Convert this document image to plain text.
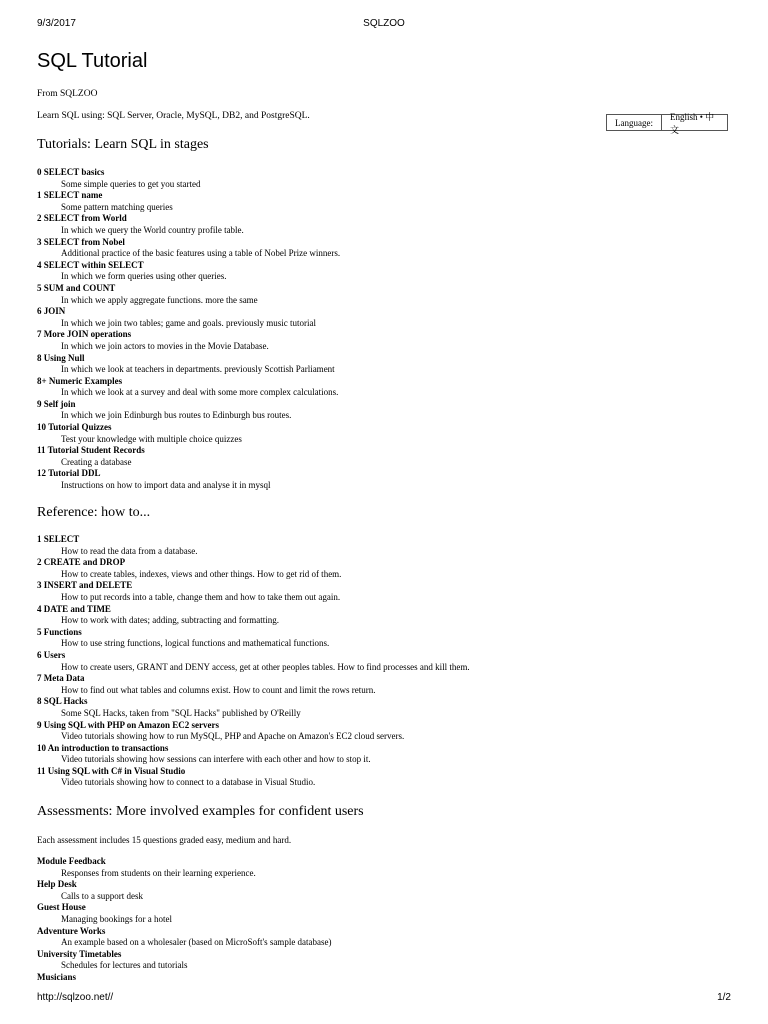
9/3/2017	SQLZOO
SQL Tutorial
From SQLZOO
Learn SQL using: SQL Server, Oracle, MySQL, DB2, and PostgreSQL.
Language:
English • 中文
Tutorials: Learn SQL in stages
0 SELECT basics
Some simple queries to get you started
1 SELECT name
Some pattern matching queries
2 SELECT from World
In which we query the World country profile table.
3 SELECT from Nobel
Additional practice of the basic features using a table of Nobel Prize winners.
4 SELECT within SELECT
In which we form queries using other queries.
5 SUM and COUNT
In which we apply aggregate functions. more the same
6 JOIN
In which we join two tables; game and goals. previously music tutorial
7 More JOIN operations
In which we join actors to movies in the Movie Database.
8 Using Null
In which we look at teachers in departments. previously Scottish Parliament
8+ Numeric Examples
In which we look at a survey and deal with some more complex calculations.
9 Self join
In which we join Edinburgh bus routes to Edinburgh bus routes.
10 Tutorial Quizzes
Test your knowledge with multiple choice quizzes
11 Tutorial Student Records
Creating a database
12 Tutorial DDL
Instructions on how to import data and analyse it in mysql
Reference: how to...
1 SELECT
How to read the data from a database.
2 CREATE and DROP
How to create tables, indexes, views and other things. How to get rid of them.
3 INSERT and DELETE
How to put records into a table, change them and how to take them out again.
4 DATE and TIME
How to work with dates; adding, subtracting and formatting.
5 Functions
How to use string functions, logical functions and mathematical functions.
6 Users
How to create users, GRANT and DENY access, get at other peoples tables. How to find processes and kill them.
7 Meta Data
How to find out what tables and columns exist. How to count and limit the rows return.
8 SQL Hacks
Some SQL Hacks, taken from "SQL Hacks" published by O'Reilly
9 Using SQL with PHP on Amazon EC2 servers
Video tutorials showing how to run MySQL, PHP and Apache on Amazon's EC2 cloud servers.
10 An introduction to transactions
Video tutorials showing how sessions can interfere with each other and how to stop it.
11 Using SQL with C# in Visual Studio
Video tutorials showing how to connect to a database in Visual Studio.
Assessments: More involved examples for confident users
Each assessment includes 15 questions graded easy, medium and hard.
Module Feedback
Responses from students on their learning experience.
Help Desk
Calls to a support desk
Guest House
Managing bookings for a hotel
Adventure Works
An example based on a wholesaler (based on MicroSoft's sample database)
University Timetables
Schedules for lectures and tutorials
Musicians
http://sqlzoo.net//	1/2
